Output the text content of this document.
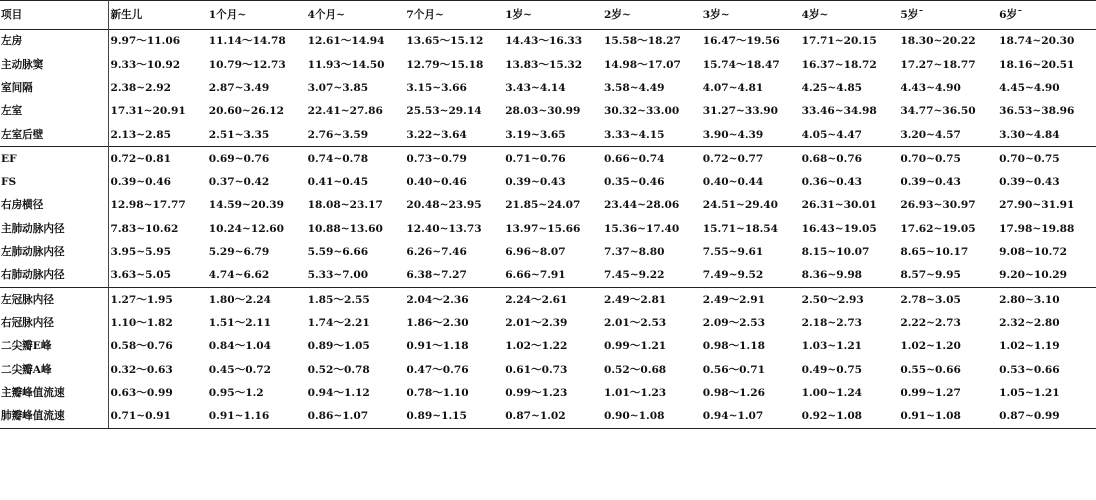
项目	新生儿	1个月~	4个月~	7个月~	1岁~	2岁~	3岁~	4岁~	5岁¯	6岁¯
左房	9.97～11.06	11.14～14.78	12.61～14.94	13.65～15.12	14.43～16.33	15.58～18.27	16.47～19.56	17.71~20.15	18.30~20.22	18.74~20.30
主动脉窦	9.33～10.92	10.79～12.73	11.93～14.50	12.79～15.18	13.83～15.32	14.98～17.07	15.74～18.47	16.37~18.72	17.27~18.77	18.16~20.51
室间隔	2.38~2.92	2.87~3.49	3.07~3.85	3.15~3.66	3.43~4.14	3.58~4.49	4.07~4.81	4.25~4.85	4.43~4.90	4.45~4.90
左室	17.31~20.91	20.60~26.12	22.41~27.86	25.53~29.14	28.03~30.99	30.32~33.00	31.27~33.90	33.46~34.98	34.77~36.50	36.53~38.96
左室后壁	2.13~2.85	2.51~3.35	2.76~3.59	3.22~3.64	3.19~3.65	3.33~4.15	3.90~4.39	4.05~4.47	3.20~4.57	3.30~4.84
EF	0.72~0.81	0.69~0.76	0.74~0.78	0.73~0.79	0.71~0.76	0.66~0.74	0.72~0.77	0.68~0.76	0.70~0.75	0.70~0.75
FS	0.39~0.46	0.37~0.42	0.41~0.45	0.40~0.46	0.39~0.43	0.35~0.46	0.40~0.44	0.36~0.43	0.39~0.43	0.39~0.43
右房横径	12.98~17.77	14.59~20.39	18.08~23.17	20.48~23.95	21.85~24.07	23.44~28.06	24.51~29.40	26.31~30.01	26.93~30.97	27.90~31.91
主肺动脉内径	7.83~10.62	10.24~12.60	10.88~13.60	12.40~13.73	13.97~15.66	15.36~17.40	15.71~18.54	16.43~19.05	17.62~19.05	17.98~19.88
左肺动脉内径	3.95~5.95	5.29~6.79	5.59~6.66	6.26~7.46	6.96~8.07	7.37~8.80	7.55~9.61	8.15~10.07	8.65~10.17	9.08~10.72
右肺动脉内径	3.63~5.05	4.74~6.62	5.33~7.00	6.38~7.27	6.66~7.91	7.45~9.22	7.49~9.52	8.36~9.98	8.57~9.95	9.20~10.29
左冠脉内径	1.27～1.95	1.80～2.24	1.85～2.55	2.04～2.36	2.24～2.61	2.49～2.81	2.49～2.91	2.50～2.93	2.78~3.05	2.80~3.10
右冠脉内径	1.10～1.82	1.51～2.11	1.74～2.21	1.86～2.30	2.01～2.39	2.01～2.53	2.09～2.53	2.18~2.73	2.22~2.73	2.32~2.80
二尖瓣E峰	0.58～0.76	0.84～1.04	0.89～1.05	0.91～1.18	1.02～1.22	0.99～1.21	0.98～1.18	1.03~1.21	1.02~1.20	1.02~1.19
二尖瓣A峰	0.32～0.63	0.45～0.72	0.52～0.78	0.47～0.76	0.61～0.73	0.52～0.68	0.56～0.71	0.49~0.75	0.55~0.66	0.53~0.66
主瓣峰值流速	0.63～0.99	0.95～1.2	0.94～1.12	0.78～1.10	0.99～1.23	1.01～1.23	0.98～1.26	1.00~1.24	0.99~1.27	1.05~1.21
肺瓣峰值流速	0.71~0.91	0.91~1.16	0.86~1.07	0.89~1.15	0.87~1.02	0.90~1.08	0.94~1.07	0.92~1.08	0.91~1.08	0.87~0.99
